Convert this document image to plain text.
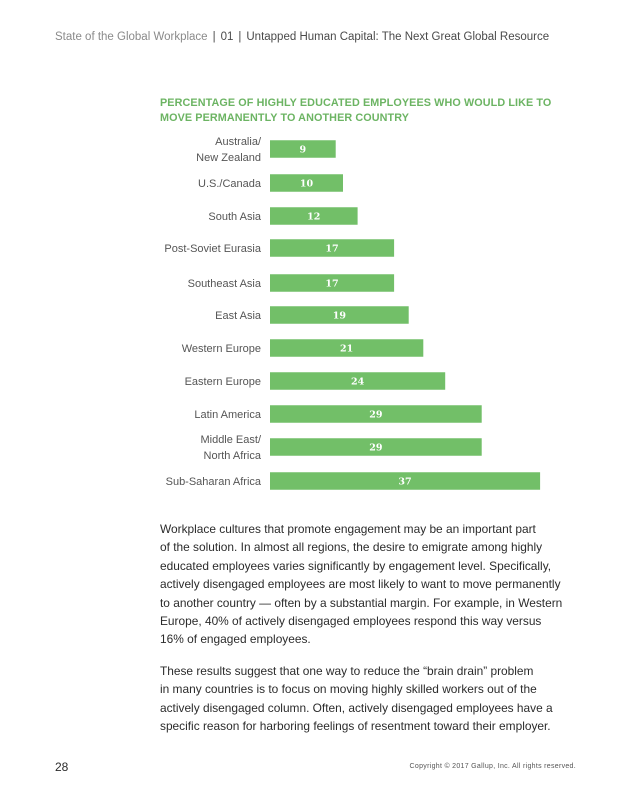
State of the Global Workplace | 01 | Untapped Human Capital: The Next Great Global Resource
PERCENTAGE OF HIGHLY EDUCATED EMPLOYEES WHO WOULD LIKE TO MOVE PERMANENTLY TO ANOTHER COUNTRY
9
Australia/
New Zealand
10
U.S./Canada
12
South Asia
17
Post-Soviet Eurasia
17
Southeast Asia
19
East Asia
21
Western Europe
24
Eastern Europe
29
Latin America
29
Middle East/
North Africa
37
Sub-Saharan Africa
Workplace cultures that promote engagement may be an important part
of the solution. In almost all regions, the desire to emigrate among highly
educated employees varies significantly by engagement level. Specifically,
actively disengaged employees are most likely to want to move permanently
to another country — often by a substantial margin. For example, in Western
Europe, 40% of actively disengaged employees respond this way versus
16% of engaged employees.
These results suggest that one way to reduce the “brain drain” problem
in many countries is to focus on moving highly skilled workers out of the
actively disengaged column. Often, actively disengaged employees have a
specific reason for harboring feelings of resentment toward their employer.
28	Copyright © 2017 Gallup, Inc. All rights reserved.
